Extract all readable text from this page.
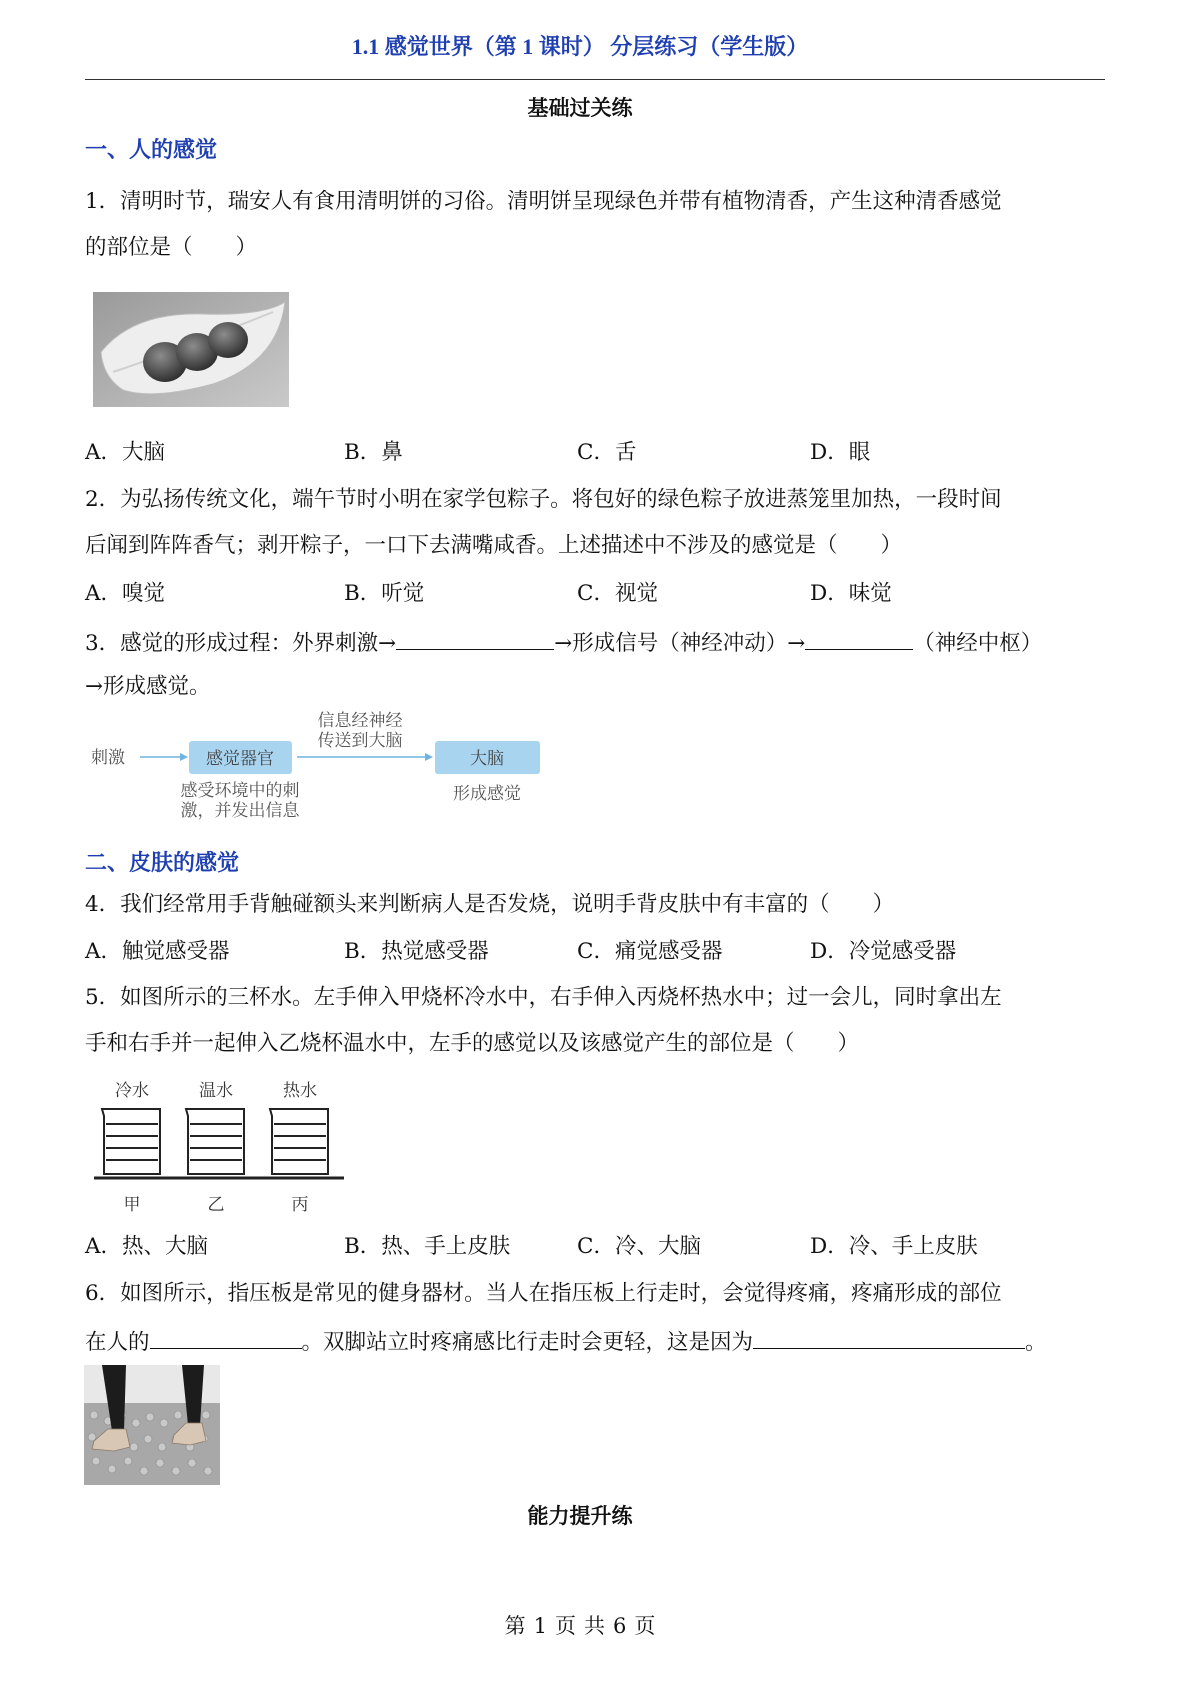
1.1 感觉世界（第 1 课时） 分层练习（学生版）
基础过关练
一、人的感觉
1．清明时节，瑞安人有食用清明饼的习俗。清明饼呈现绿色并带有植物清香，产生这种清香感觉
的部位是（　　）
A．大脑	B．鼻	C．舌	D．眼
2．为弘扬传统文化，端午节时小明在家学包粽子。将包好的绿色粽子放进蒸笼里加热，一段时间
后闻到阵阵香气；剥开粽子，一口下去满嘴咸香。上述描述中不涉及的感觉是（　　）
A．嗅觉	B．听觉	C．视觉	D．味觉
3．感觉的形成过程：外界刺激→	→形成信号（神经冲动）→	（神经中枢）
→形成感觉。
刺激	感觉器官
信息经神经
传送到大脑
大脑
感受环境中的刺
激，并发出信息
形成感觉
二、皮肤的感觉
4．我们经常用手背触碰额头来判断病人是否发烧，说明手背皮肤中有丰富的（　　）
A．触觉感受器	B．热觉感受器	C．痛觉感受器	D．冷觉感受器
5．如图所示的三杯水。左手伸入甲烧杯冷水中，右手伸入丙烧杯热水中；过一会儿，同时拿出左
手和右手并一起伸入乙烧杯温水中，左手的感觉以及该感觉产生的部位是（　　）
冷水
甲
温水
乙
热水
丙
A．热、大脑	B．热、手上皮肤	C．冷、大脑	D．冷、手上皮肤
6．如图所示，指压板是常见的健身器材。当人在指压板上行走时，会觉得疼痛，疼痛形成的部位
在人的	。双脚站立时疼痛感比行走时会更轻，这是因为	。
能力提升练
第 1 页 共 6 页
